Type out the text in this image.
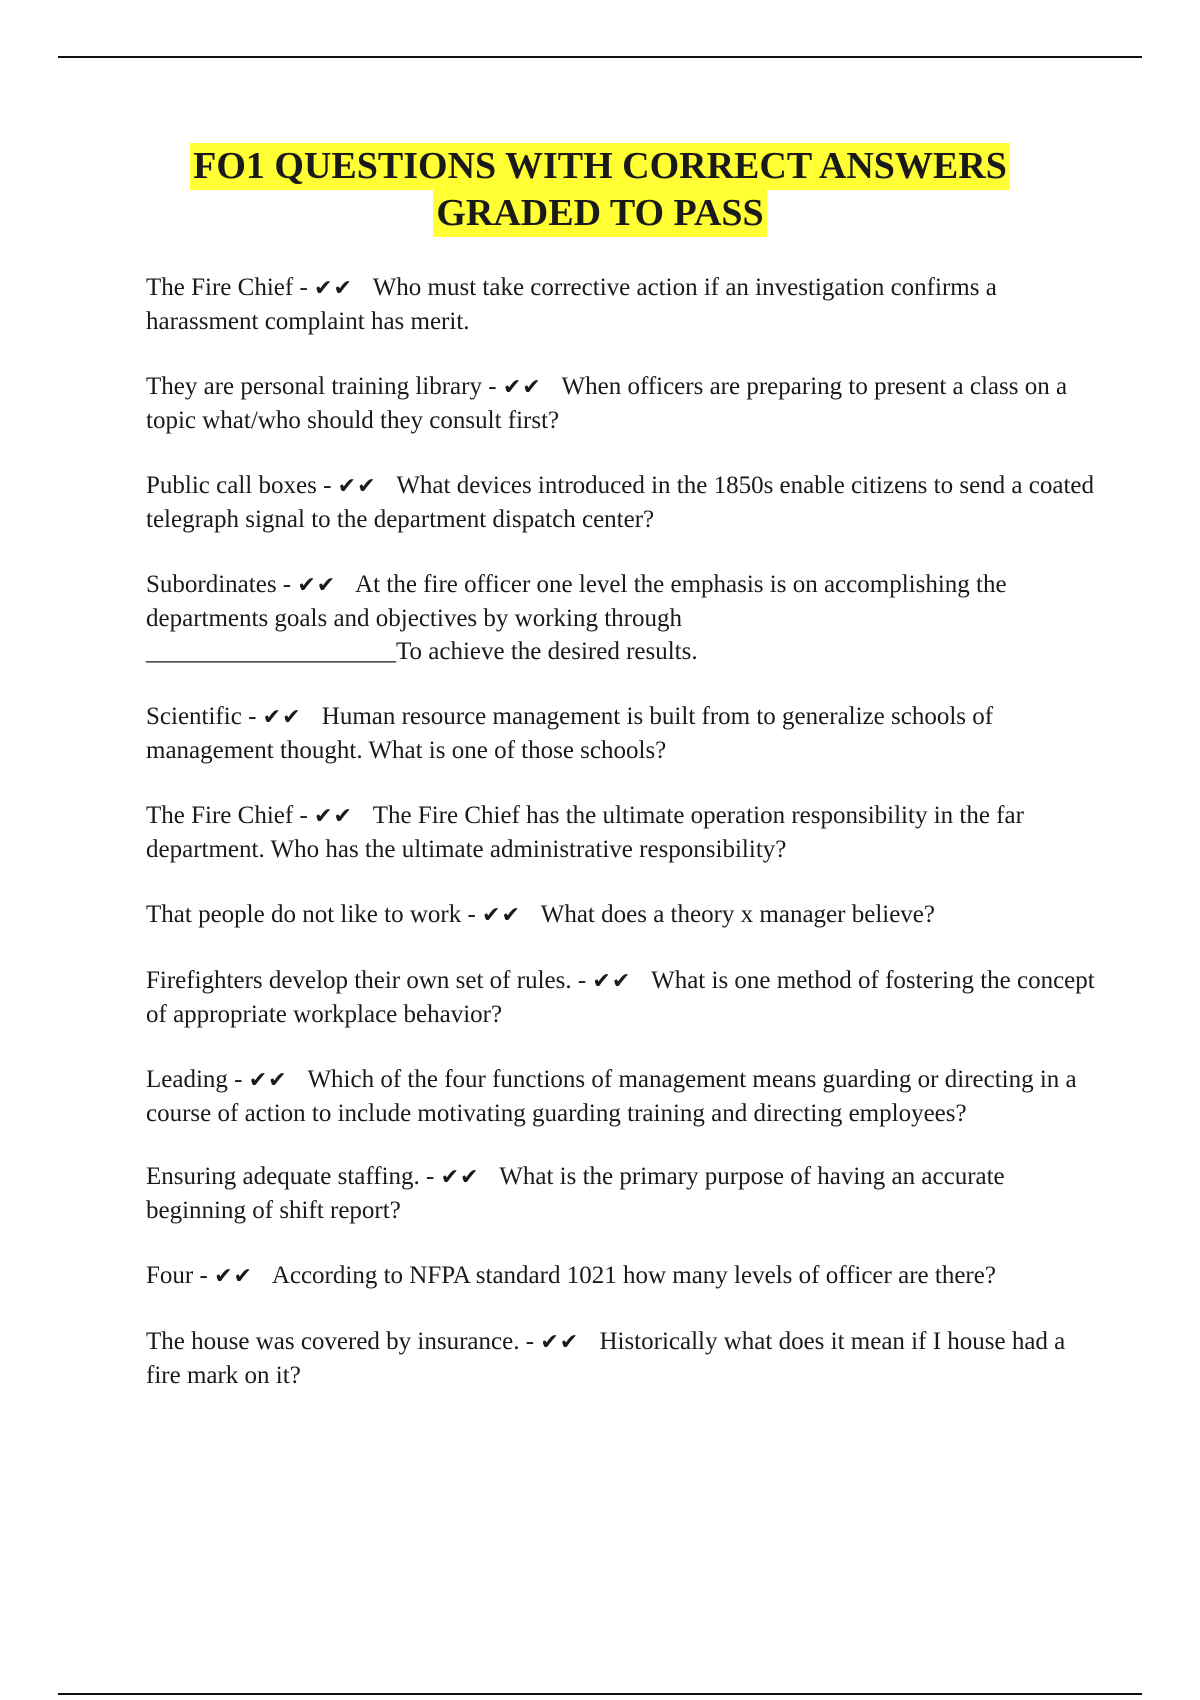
FO1 QUESTIONS WITH CORRECT ANSWERS
GRADED TO PASS
The Fire Chief - ✔✔ Who must take corrective action if an investigation confirms a harassment complaint has merit.
They are personal training library - ✔✔ When officers are preparing to present a class on a topic what/who should they consult first?
Public call boxes - ✔✔ What devices introduced in the 1850s enable citizens to send a coated telegraph signal to the department dispatch center?
Subordinates - ✔✔ At the fire officer one level the emphasis is on accomplishing the departments goals and objectives by working through
____________________To achieve the desired results.
Scientific - ✔✔ Human resource management is built from to generalize schools of management thought. What is one of those schools?
The Fire Chief - ✔✔ The Fire Chief has the ultimate operation responsibility in the far department. Who has the ultimate administrative responsibility?
That people do not like to work - ✔✔ What does a theory x manager believe?
Firefighters develop their own set of rules. - ✔✔ What is one method of fostering the concept of appropriate workplace behavior?
Leading - ✔✔ Which of the four functions of management means guarding or directing in a course of action to include motivating guarding training and directing employees?
Ensuring adequate staffing. - ✔✔ What is the primary purpose of having an accurate beginning of shift report?
Four - ✔✔ According to NFPA standard 1021 how many levels of officer are there?
The house was covered by insurance. - ✔✔ Historically what does it mean if I house had a fire mark on it?
